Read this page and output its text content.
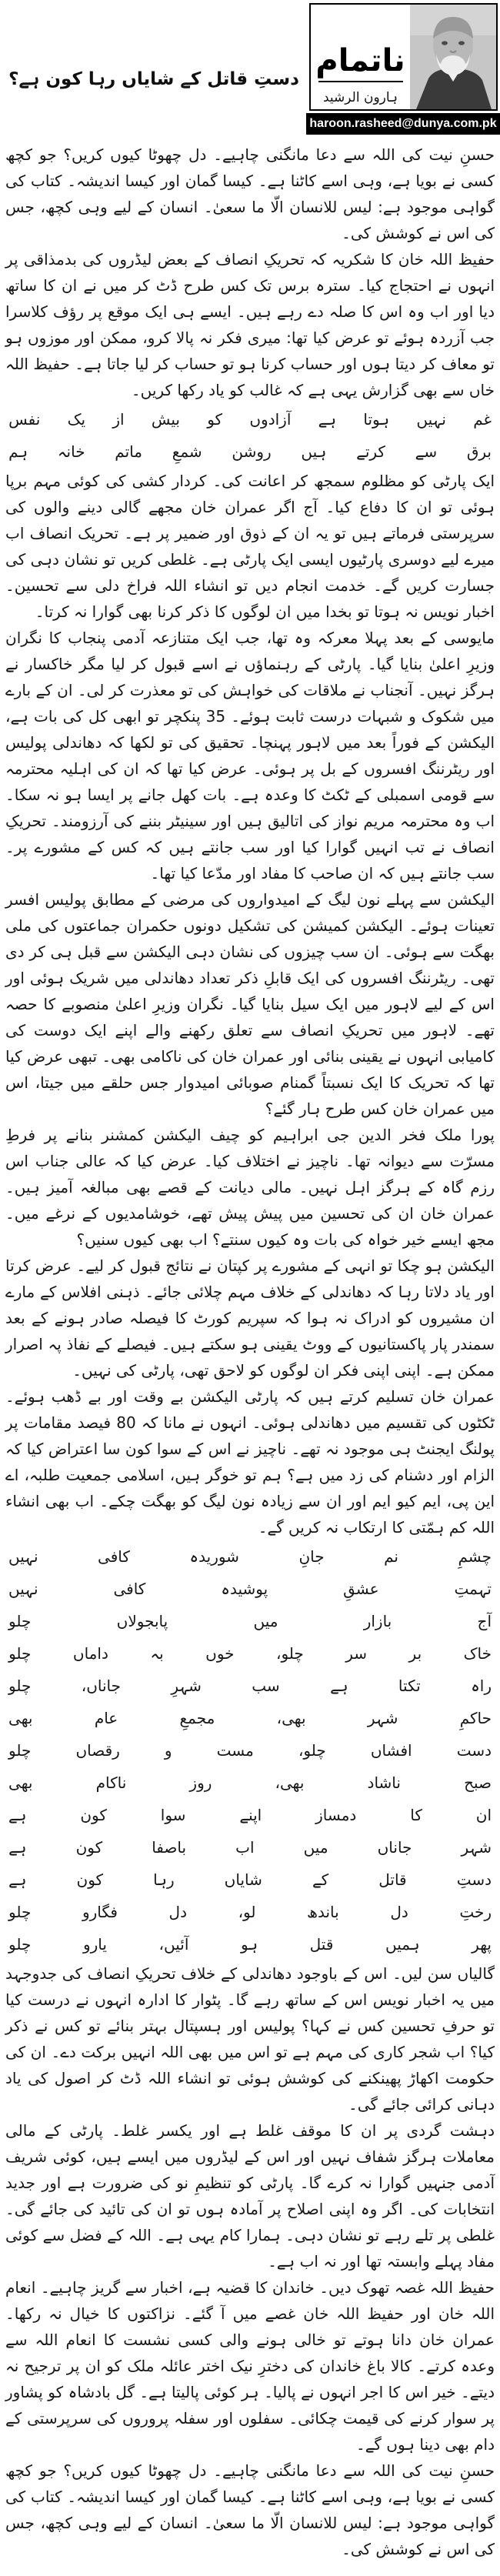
ناتمام
ہارون الرشید
haroon.rasheed@dunya.com.pk
دستِ قاتل کے شایاں رہا کون ہے؟

حسنِ نیت کی اللہ سے دعا مانگنی چاہیے۔ دل چھوٹا کیوں کریں؟ جو کچھ کسی نے بویا ہے، وہی اسے کاٹنا ہے۔ کیسا گمان اور کیسا اندیشہ۔ کتاب کی گواہی موجود ہے: لیس للانسان الّا ما سعیٰ۔ انسان کے لیے وہی کچھ، جس کی اس نے کوشش کی۔

حفیظ اللہ خان کا شکریہ کہ تحریکِ انصاف کے بعض لیڈروں کی بدمذاقی پر انہوں نے احتجاج کیا۔ سترہ برس تک کس طرح ڈٹ کر میں نے ان کا ساتھ دیا اور اب وہ اس کا صلہ دے رہے ہیں۔ ایسے ہی ایک موقع پر رؤف کلاسرا جب آزردہ ہوئے تو عرض کیا تھا: میری فکر نہ پالا کرو، ممکن اور موزوں ہو تو معاف کر دیتا ہوں اور حساب کرنا ہو تو حساب کر لیا جاتا ہے۔ حفیظ اللہ خاں سے بھی گزارش یہی ہے کہ غالب کو یاد رکھا کریں۔

غم
نہیں
ہوتا
ہے
آزادوں
کو
بیش
از
یک
نفس
برق
سے
کرتے
ہیں
روشن
شمعِ
ماتم
خانہ
ہم

ایک پارٹی کو مظلوم سمجھ کر اعانت کی۔ کردار کشی کی کوئی مہم برپا ہوئی تو ان کا دفاع کیا۔ آج اگر عمران خان مجھے گالی دینے والوں کی سرپرستی فرماتے ہیں تو یہ ان کے ذوق اور ضمیر پر ہے۔ تحریک انصاف اب میرے لیے دوسری پارٹیوں ایسی ایک پارٹی ہے۔ غلطی کریں تو نشان دہی کی جسارت کریں گے۔ خدمت انجام دیں تو انشاء اللہ فراخ دلی سے تحسین۔ اخبار نویس نہ ہوتا تو بخدا میں ان لوگوں کا ذکر کرنا بھی گوارا نہ کرتا۔

مایوسی کے بعد پہلا معرکہ وہ تھا، جب ایک متنازعہ آدمی پنجاب کا نگران وزیرِ اعلیٰ بنایا گیا۔ پارٹی کے رہنماؤں نے اسے قبول کر لیا مگر خاکسار نے ہرگز نہیں۔ آنجناب نے ملاقات کی خواہش کی تو معذرت کر لی۔ ان کے بارے میں شکوک و شبہات درست ثابت ہوئے۔ 35 پنکچر تو ابھی کل کی بات ہے، الیکشن کے فوراً بعد میں لاہور پہنچا۔ تحقیق کی تو لکھا کہ دھاندلی پولیس اور ریٹرننگ افسروں کے بل پر ہوئی۔ عرض کیا تھا کہ ان کی اہلیہ محترمہ سے قومی اسمبلی کے ٹکٹ کا وعدہ ہے۔ بات کھل جانے پر ایسا ہو نہ سکا۔ اب وہ محترمہ مریم نواز کی اتالیق ہیں اور سینیٹر بننے کی آرزومند۔ تحریکِ انصاف نے تب انہیں گوارا کیا اور سب جانتے ہیں کہ کس کے مشورے پر۔ سب جانتے ہیں کہ ان صاحب کا مفاد اور مدّعا کیا تھا۔

الیکشن سے پہلے نون لیگ کے امیدواروں کی مرضی کے مطابق پولیس افسر تعینات ہوئے۔ الیکشن کمیشن کی تشکیل دونوں حکمران جماعتوں کی ملی بھگت سے ہوئی۔ ان سب چیزوں کی نشان دہی الیکشن سے قبل ہی کر دی تھی۔ ریٹرننگ افسروں کی ایک قابلِ ذکر تعداد دھاندلی میں شریک ہوئی اور اس کے لیے لاہور میں ایک سیل بنایا گیا۔ نگران وزیرِ اعلیٰ منصوبے کا حصہ تھے۔ لاہور میں تحریکِ انصاف سے تعلق رکھنے والے اپنے ایک دوست کی کامیابی انہوں نے یقینی بنائی اور عمران خان کی ناکامی بھی۔ تبھی عرض کیا تھا کہ تحریک کا ایک نسبتاً گمنام صوبائی امیدوار جس حلقے میں جیتا، اس میں عمران خان کس طرح ہار گئے؟

پورا ملک فخر الدین جی ابراہیم کو چیف الیکشن کمشنر بنانے پر فرطِ مسرّت سے دیوانہ تھا۔ ناچیز نے اختلاف کیا۔ عرض کیا کہ عالی جناب اس رزم گاہ کے ہرگز اہل نہیں۔ مالی دیانت کے قصے بھی مبالغہ آمیز ہیں۔ عمران خان ان کی تحسین میں پیش پیش تھے، خوشامدیوں کے نرغے میں۔ مجھ ایسے خیر خواہ کی بات وہ کیوں سنتے؟ اب بھی کیوں سنیں؟

الیکشن ہو چکا تو انہی کے مشورے پر کپتان نے نتائج قبول کر لیے۔ عرض کرتا اور یاد دلاتا رہا کہ دھاندلی کے خلاف مہم چلائی جائے۔ ذہنی افلاس کے مارے ان مشیروں کو ادراک نہ ہوا کہ سپریم کورٹ کا فیصلہ صادر ہونے کے بعد سمندر پار پاکستانیوں کے ووٹ یقینی ہو سکتے ہیں۔ فیصلے کے نفاذ پہ اصرار ممکن ہے۔ اپنی اپنی فکر ان لوگوں کو لاحق تھی، پارٹی کی نہیں۔

عمران خان تسلیم کرتے ہیں کہ پارٹی الیکشن بے وقت اور بے ڈھب ہوئے۔ ٹکٹوں کی تقسیم میں دھاندلی ہوئی۔ انہوں نے مانا کہ 80 فیصد مقامات پر پولنگ ایجنٹ ہی موجود نہ تھے۔ ناچیز نے اس کے سوا کون سا اعتراض کیا کہ الزام اور دشنام کی زد میں ہے؟ ہم تو خوگر ہیں، اسلامی جمعیت طلبہ، اے این پی، ایم کیو ایم اور ان سے زیادہ نون لیگ کو بھگت چکے۔ اب بھی انشاء اللہ کم ہمّتی کا ارتکاب نہ کریں گے۔

چشمِ
نم
جانِ
شوریدہ
کافی
نہیں
تہمتِ
عشقِ
پوشیدہ
کافی
نہیں
آج
بازار
میں
پابجولاں
چلو
خاک
بر
سر
چلو،
خوں
بہ
داماں
چلو
راہ
تکتا
ہے
سب
شہرِ
جاناں،
چلو
حاکمِ
شہر
بھی،
مجمعِ
عام
بھی
دست
افشاں
چلو،
مست
و
رقصاں
چلو
صبح
ناشاد
بھی،
روز
ناکام
بھی
ان
کا
دمساز
اپنے
سوا
کون
ہے
شہر
جاناں
میں
اب
باصفا
کون
ہے
دستِ
قاتل
کے
شایاں
رہا
کون
ہے
رختِ
دل
باندھ
لو،
دل
فگارو
چلو
پھر
ہمیں
قتل
ہو
آئیں،
یارو
چلو

گالیاں سن لیں۔ اس کے باوجود دھاندلی کے خلاف تحریکِ انصاف کی جدوجہد میں یہ اخبار نویس اس کے ساتھ رہے گا۔ پٹوار کا ادارہ انہوں نے درست کیا تو حرفِ تحسین کس نے کہا؟ پولیس اور ہسپتال بہتر بنائے تو کس نے ذکر کیا؟ اب شجر کاری کی مہم ہے تو اس میں بھی اللہ انہیں برکت دے۔ ان کی حکومت اکھاڑ پھینکنے کی کوشش ہوئی تو انشاء اللہ ڈٹ کر اصول کی یاد دہانی کرائی جائے گی۔

دہشت گردی پر ان کا موقف غلط ہے اور یکسر غلط۔ پارٹی کے مالی معاملات ہرگز شفاف نہیں اور اس کے لیڈروں میں ایسے ہیں، کوئی شریف آدمی جنہیں گوارا نہ کرے گا۔ پارٹی کو تنظیمِ نو کی ضرورت ہے اور جدید انتخابات کی۔ اگر وہ اپنی اصلاح پر آمادہ ہوں تو ان کی تائید کی جائے گی۔ غلطی پر تلے رہے تو نشان دہی۔ ہمارا کام یہی ہے۔ اللہ کے فضل سے کوئی مفاد پہلے وابستہ تھا اور نہ اب ہے۔

حفیظ اللہ غصہ تھوک دیں۔ خاندان کا قضیہ ہے، اخبار سے گریز چاہیے۔ انعام اللہ خان اور حفیظ اللہ خان غصے میں آ گئے۔ نزاکتوں کا خیال نہ رکھا۔ عمران خان دانا ہوتے تو خالی ہونے والی کسی نشست کا انعام اللہ سے وعدہ کرتے۔ کالا باغ خاندان کی دخترِ نیک اختر عائلہ ملک کو ان پر ترجیح نہ دیتے۔ خیر اس کا اجر انہوں نے پالیا۔ ہر کوئی پالیتا ہے۔ گل بادشاہ کو پشاور پر سوار کرنے کی قیمت چکائی۔ سفلوں اور سفلہ پروروں کی سرپرستی کے دام بھی دینا ہوں گے۔

حسنِ نیت کی اللہ سے دعا مانگنی چاہیے۔ دل چھوٹا کیوں کریں؟ جو کچھ کسی نے بویا ہے، وہی اسے کاٹنا ہے۔ کیسا گمان اور کیسا اندیشہ۔ کتاب کی گواہی موجود ہے: لیس للانسان الّا ما سعیٰ۔ انسان کے لیے وہی کچھ، جس کی اس نے کوشش کی۔
